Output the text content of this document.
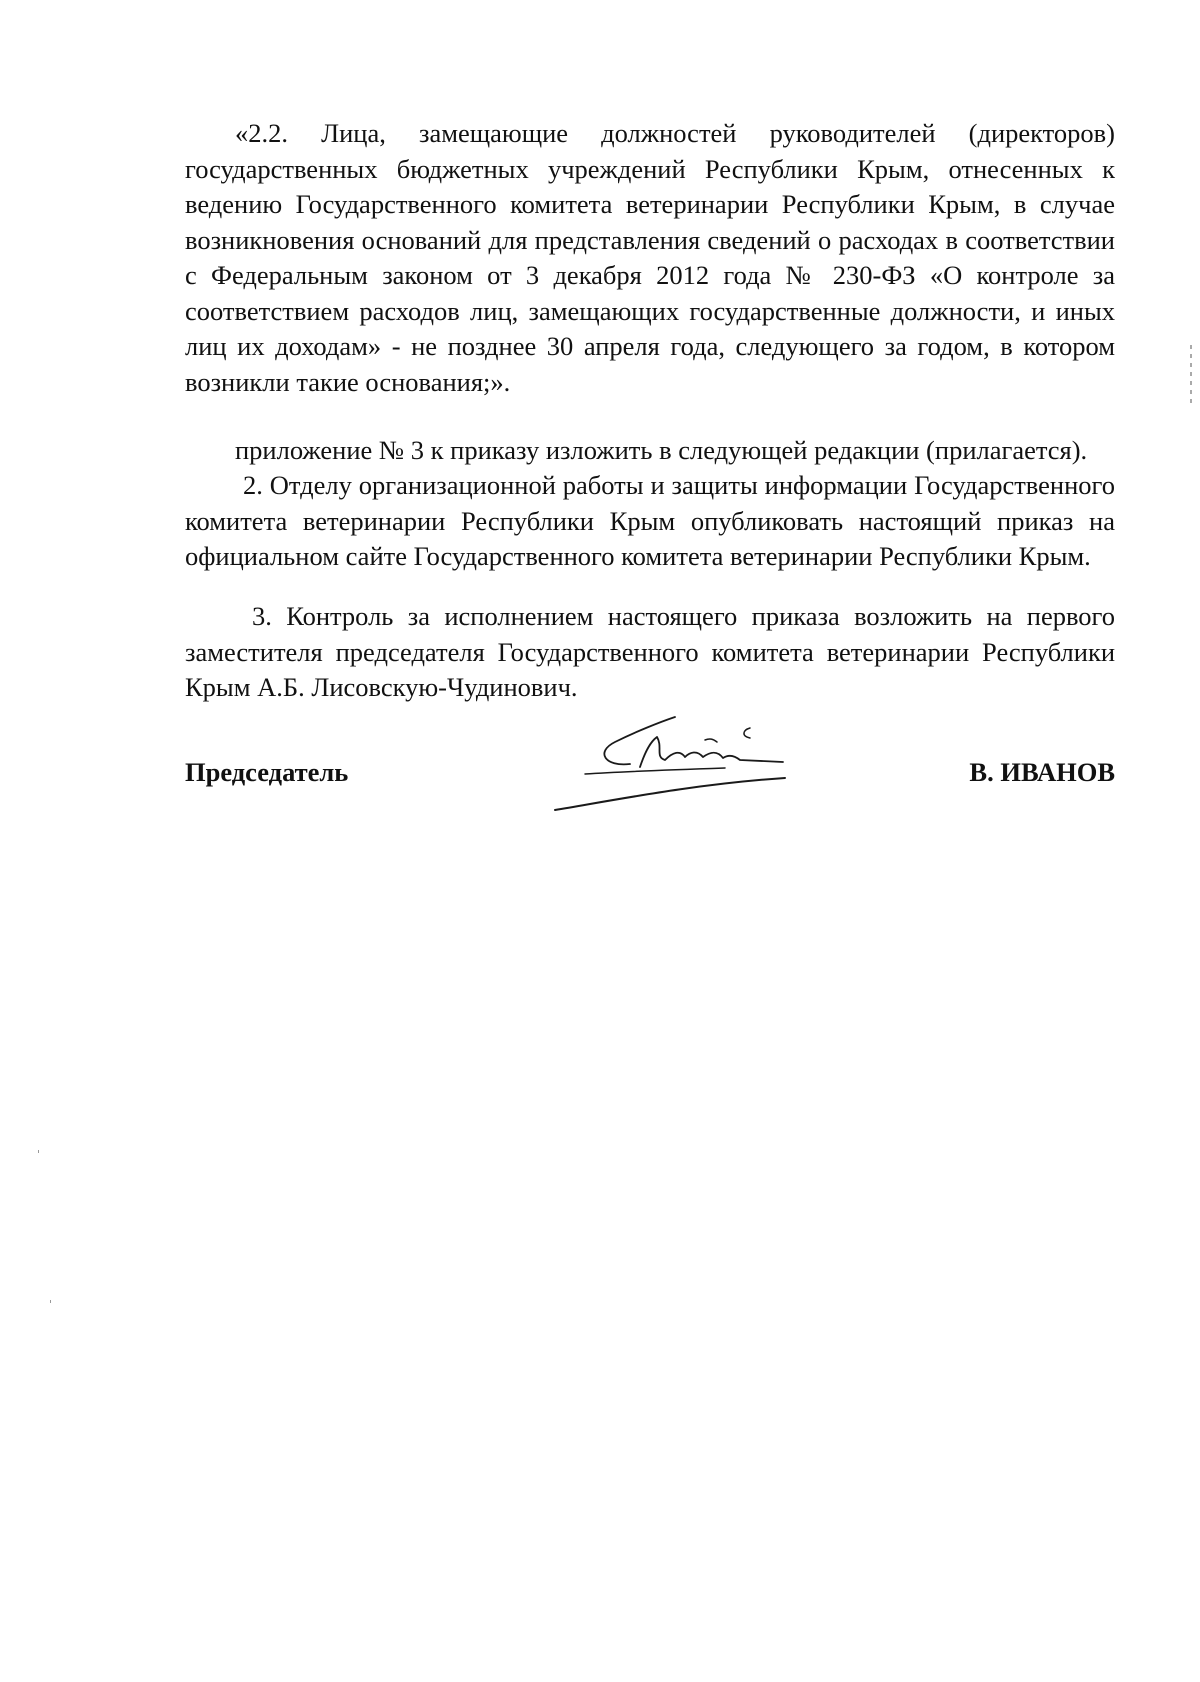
«2.2. Лица, замещающие должностей руководителей (директоров) государственных бюджетных учреждений Республики Крым, отнесенных к ведению Государственного комитета ветеринарии Республики Крым, в случае возникновения оснований для представления сведений о расходах в соответствии с Федеральным законом от 3 декабря 2012 года № 230-ФЗ «О контроле за соответствием расходов лиц, замещающих государственные должности, и иных лиц их доходам» - не позднее 30 апреля года, следующего за годом, в котором возникли такие основания;».

приложение № 3 к приказу изложить в следующей редакции (прилагается).

2. Отделу организационной работы и защиты информации Государственного комитета ветеринарии Республики Крым опубликовать настоящий приказ на официальном сайте Государственного комитета ветеринарии Республики Крым.

3. Контроль за исполнением настоящего приказа возложить на первого заместителя председателя Государственного комитета ветеринарии Республики Крым А.Б. Лисовскую-Чудинович.

Председатель	В. ИВАНОВ
